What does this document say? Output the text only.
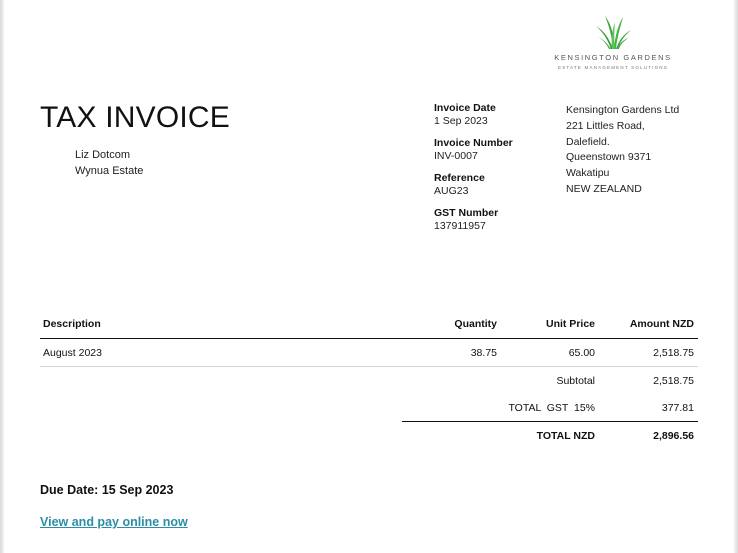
KENSINGTON GARDENS
ESTATE MANAGEMENT SOLUTIONS
TAX INVOICE
Liz Dotcom
Wynua Estate
Invoice Date
1 Sep 2023
Invoice Number
INV-0007
Reference
AUG23
GST Number
137911957
Kensington Gardens Ltd
221 Littles Road,
Dalefield.
Queenstown 9371
Wakatipu
NEW ZEALAND
Description	Quantity	Unit Price	Amount NZD
August 2023	38.75	65.00	2,518.75
Subtotal	2,518.75
TOTAL  GST  15%	377.81
TOTAL NZD	2,896.56
Due Date: 15 Sep 2023
View and pay online now
